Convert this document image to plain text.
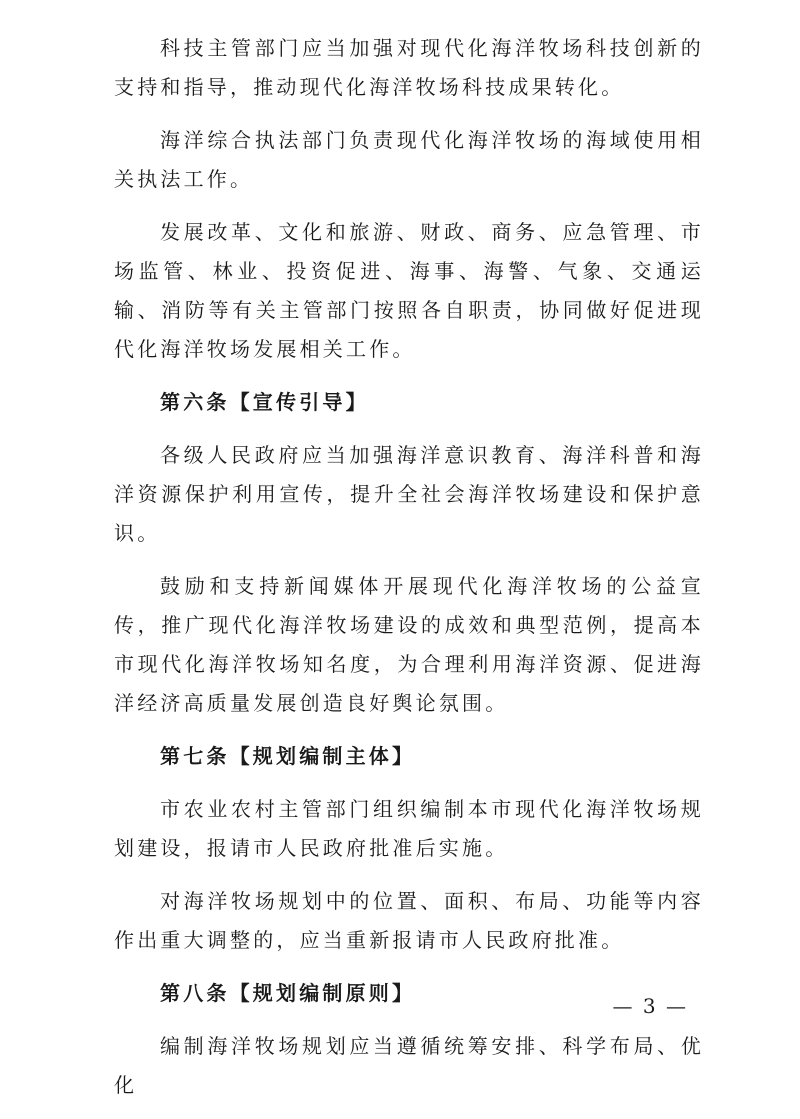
科技主管部门应当加强对现代化海洋牧场科技创新的支持和指导，推动现代化海洋牧场科技成果转化。

海洋综合执法部门负责现代化海洋牧场的海域使用相关执法工作。

发展改革、文化和旅游、财政、商务、应急管理、市场监管、林业、投资促进、海事、海警、气象、交通运输、消防等有关主管部门按照各自职责，协同做好促进现代化海洋牧场发展相关工作。

第六条【宣传引导】

各级人民政府应当加强海洋意识教育、海洋科普和海洋资源保护利用宣传，提升全社会海洋牧场建设和保护意识。

鼓励和支持新闻媒体开展现代化海洋牧场的公益宣传，推广现代化海洋牧场建设的成效和典型范例，提高本市现代化海洋牧场知名度，为合理利用海洋资源、促进海洋经济高质量发展创造良好舆论氛围。

第七条【规划编制主体】

市农业农村主管部门组织编制本市现代化海洋牧场规划建设，报请市人民政府批准后实施。

对海洋牧场规划中的位置、面积、布局、功能等内容作出重大调整的，应当重新报请市人民政府批准。

第八条【规划编制原则】

编制海洋牧场规划应当遵循统筹安排、科学布局、优化

— 3 —
